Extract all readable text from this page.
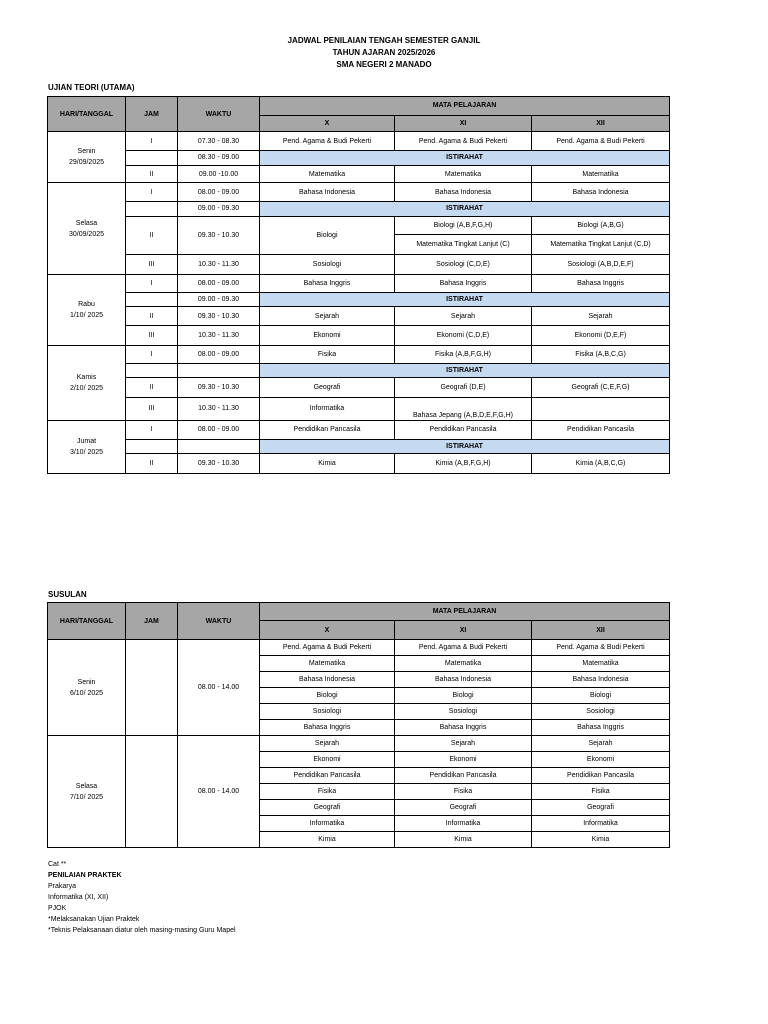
JADWAL PENILAIAN TENGAH SEMESTER GANJIL
TAHUN AJARAN 2025/2026
SMA NEGERI 2 MANADO
UJIAN TEORI (UTAMA)
HARI/TANGGAL	JAM	WAKTU	MATA PELAJARAN		
			X	XI	XII

Senin
29/09/2025	I	07.30 - 08.30	Pend. Agama & Budi Pekerti	Pend. Agama & Budi Pekerti	Pend. Agama & Budi Pekerti
		08.30 - 09.00	ISTIRAHAT		
	II	09.00 -10.00	Matematika	Matematika	Matematika

Selasa
30/09/2025	I	08.00 - 09.00	Bahasa Indonesia	Bahasa Indonesia	Bahasa Indonesia
		09.00 - 09.30	ISTIRAHAT		
	II	09.30 - 10.30	Biologi	Biologi (A,B,F,G,H)	Biologi (A,B,G)
				Matematika Tingkat Lanjut (C)	Matematika Tingkat Lanjut (C,D)
	III	10.30 - 11.30	Sosiologi	Sosiologi (C,D,E)	Sosiologi (A,B,D,E,F)

Rabu
1/10/ 2025	I	08.00 - 09.00	Bahasa Inggris	Bahasa Inggris	Bahasa Inggris
		09.00 - 09.30	ISTIRAHAT		
	II	09.30 - 10.30	Sejarah	Sejarah	Sejarah
	III	10.30 - 11.30	Ekonomi	Ekonomi (C,D,E)	Ekonomi (D,E,F)

Kamis
2/10/ 2025	I	08.00 - 09.00	Fisika	Fisika (A,B,F,G,H)	Fisika (A,B,C,G)
			ISTIRAHAT		
	II	09.30 - 10.30	Geografi	Geografi (D,E)	Geografi (C,E,F,G)
	III	10.30 - 11.30	Informatika	Bahasa Jepang (A,B,D,E,F,G,H)	

Jumat
3/10/ 2025	I	08.00 - 09.00	Pendidikan Pancasila	Pendidikan Pancasila	Pendidikan Pancasila
			ISTIRAHAT		
	II	09.30 - 10.30	Kimia	Kimia (A,B,F,G,H)	Kimia (A,B,C,G)
SUSULAN
HARI/TANGGAL	JAM	WAKTU	MATA PELAJARAN		
			X	XI	XII

Senin
6/10/ 2025		08.00 - 14.00	Pend. Agama & Budi Pekerti	Pend. Agama & Budi Pekerti	Pend. Agama & Budi Pekerti
			Matematika	Matematika	Matematika
			Bahasa Indonesia	Bahasa Indonesia	Bahasa Indonesia
			Biologi	Biologi	Biologi
			Sosiologi	Sosiologi	Sosiologi
			Bahasa Inggris	Bahasa Inggris	Bahasa Inggris

Selasa
7/10/ 2025		08.00 - 14.00	Sejarah	Sejarah	Sejarah
			Ekonomi	Ekonomi	Ekonomi
			Pendidikan Pancasila	Pendidikan Pancasila	Pendidikan Pancasila
			Fisika	Fisika	Fisika
			Geografi	Geografi	Geografi
			Informatika	Informatika	Informatika
			Kimia	Kimia	Kimia
Cat **
PENILAIAN PRAKTEK
Prakarya
Informatika (XI, XII)
PJOK
*Melaksanakan Ujian Praktek
*Teknis Pelaksanaan diatur oleh masing-masing Guru Mapel
